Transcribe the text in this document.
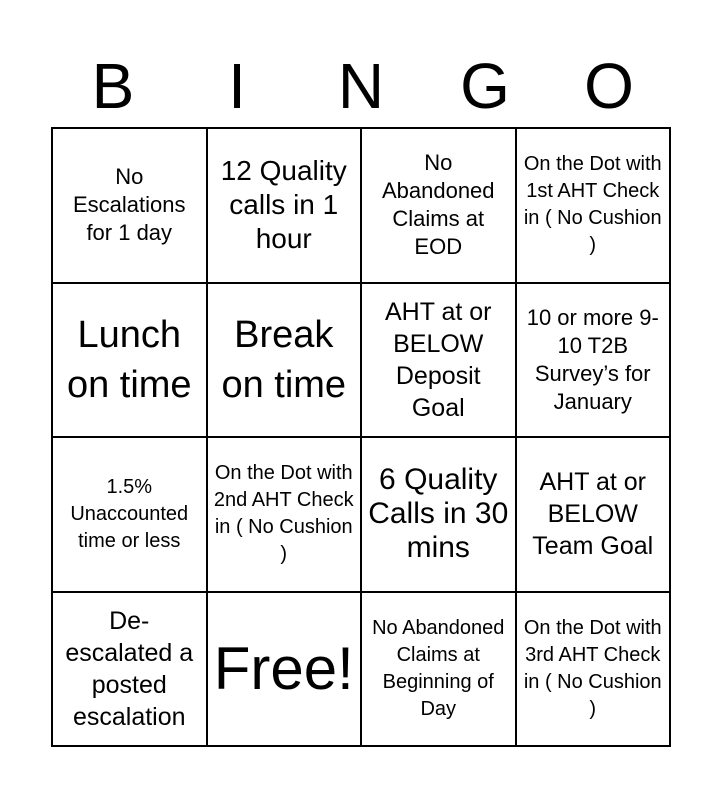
B	I	N	G	O
No Escalations for 1 day
12 Quality calls in 1 hour
No Abandoned Claims at EOD
On the Dot with 1st AHT Check in ( No Cushion )
Lunch on time
Break on time
AHT at or BELOW Deposit Goal
10 or more 9-10 T2B Survey’s for January
1.5% Unaccounted time or less
On the Dot with 2nd AHT Check in ( No Cushion )
6 Quality Calls in 30 mins
AHT at or BELOW Team Goal
De-escalated a posted escalation
Free!
No Abandoned Claims at Beginning of Day
On the Dot with 3rd AHT Check in ( No Cushion )
